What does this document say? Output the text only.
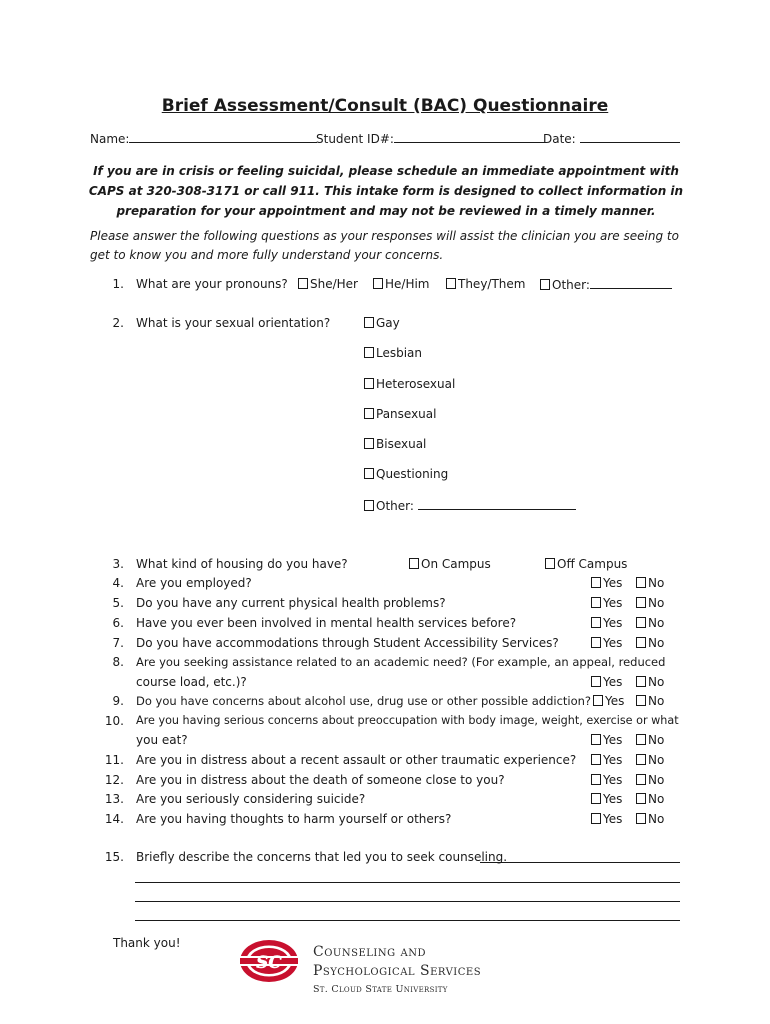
Brief Assessment/Consult (BAC) Questionnaire
Name:	Student ID#:	Date:
If you are in crisis or feeling suicidal, please schedule an immediate appointment with CAPS at 320-308-3171 or call 911. This intake form is designed to collect information in preparation for your appointment and may not be reviewed in a timely manner.
Please answer the following questions as your responses will assist the clinician you are seeing to get to know you and more fully understand your concerns.
1. What are your pronouns?	She/Her	He/Him	They/Them	Other:
2. What is your sexual orientation?	Gay
Lesbian
Heterosexual
Pansexual
Bisexual
Questioning
Other:
3. What kind of housing do you have?	On Campus	Off Campus
4. Are you employed?	Yes	No
5. Do you have any current physical health problems?	Yes	No
6. Have you ever been involved in mental health services before?	Yes	No
7. Do you have accommodations through Student Accessibility Services?	Yes	No
8. Are you seeking assistance related to an academic need? (For example, an appeal, reduced
course load, etc.)?	Yes	No
9. Do you have concerns about alcohol use, drug use or other possible addiction?	Yes	No
10. Are you having serious concerns about preoccupation with body image, weight, exercise or what
you eat?	Yes	No
11. Are you in distress about a recent assault or other traumatic experience?	Yes	No
12. Are you in distress about the death of someone close to you?	Yes	No
13. Are you seriously considering suicide?	Yes	No
14. Are you having thoughts to harm yourself or others?	Yes	No
15. Briefly describe the concerns that led you to seek counseling.
Thank you!
SC
Counseling and
Psychological Services
St. Cloud State University
